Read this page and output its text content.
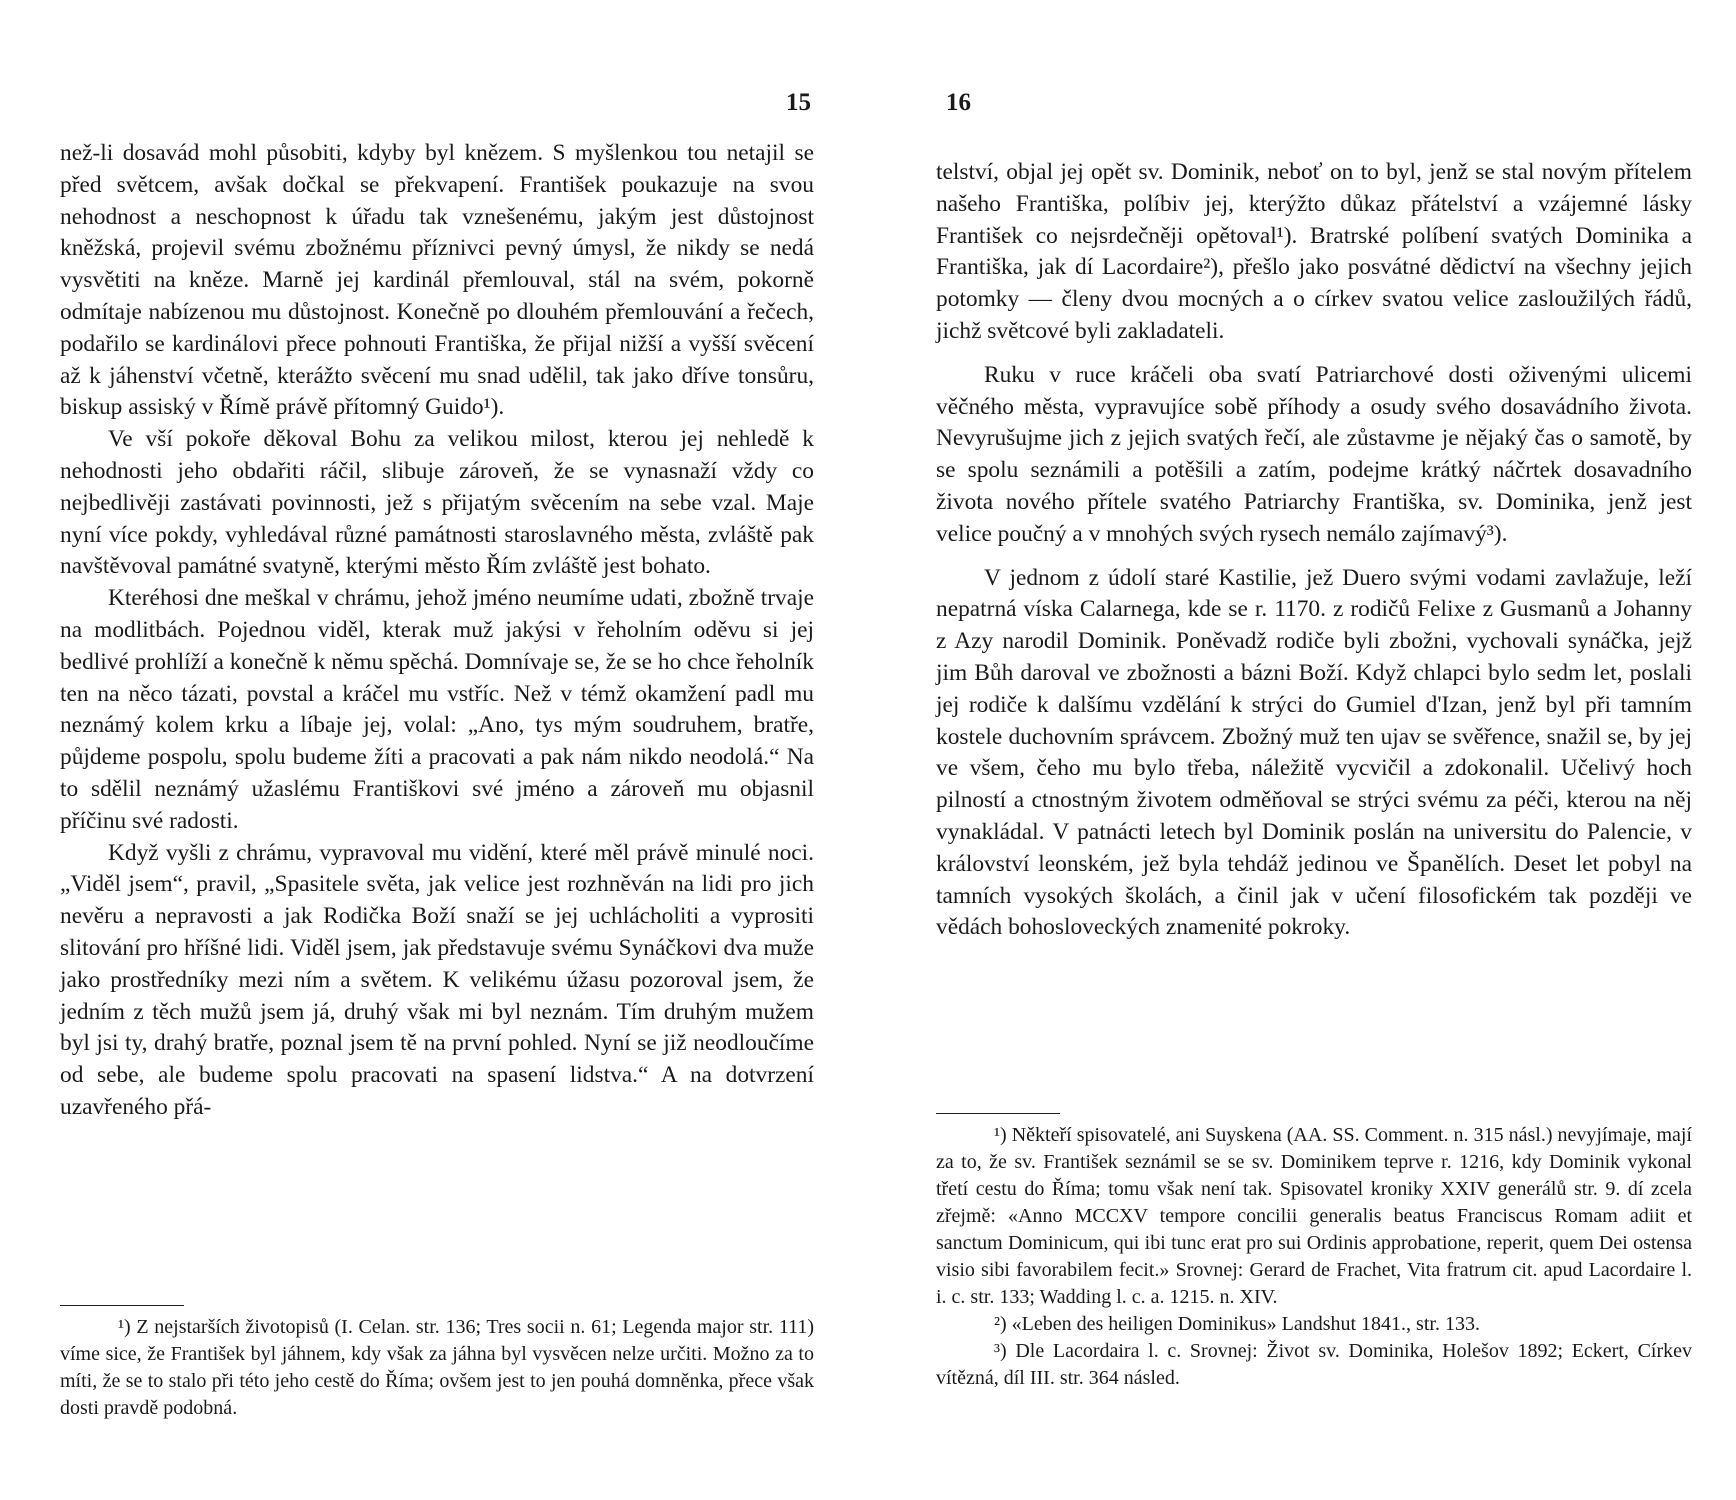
15

než-li dosavád mohl působiti, kdyby byl knězem. S myšlenkou tou netajil se před světcem, avšak dočkal se překvapení. František poukazuje na svou nehodnost a neschopnost k úřadu tak vznešenému, jakým jest důstojnost kněžská, projevil svému zbožnému příznivci pevný úmysl, že nikdy se nedá vysvětiti na kněze. Marně jej kardinál přemlouval, stál na svém, pokorně odmítaje nabízenou mu důstojnost. Konečně po dlouhém přemlouvání a řečech, podařilo se kardinálovi přece pohnouti Františka, že přijal nižší a vyšší svěcení až k jáhenství včetně, kterážto svěcení mu snad udělil, tak jako dříve tonsůru, biskup assiský v Římě právě přítomný Guido¹).

Ve vší pokoře děkoval Bohu za velikou milost, kterou jej nehledě k nehodnosti jeho obdařiti ráčil, slibuje zároveň, že se vynasnaží vždy co nejbedlivěji zastávati povinnosti, jež s přijatým svěcením na sebe vzal. Maje nyní více pokdy, vyhledával různé památnosti staroslavného města, zvláště pak navštěvoval památné svatyně, kterými město Řím zvláště jest bohato.

Kteréhosi dne meškal v chrámu, jehož jméno neumíme udati, zbožně trvaje na modlitbách. Pojednou viděl, kterak muž jakýsi v řeholním oděvu si jej bedlivé prohlíží a konečně k němu spěchá. Domnívaje se, že se ho chce řeholník ten na něco tázati, povstal a kráčel mu vstříc. Než v témž okamžení padl mu neznámý kolem krku a líbaje jej, volal: „Ano, tys mým soudruhem, bratře, půjdeme pospolu, spolu budeme žíti a pracovati a pak nám nikdo neodolá.“ Na to sdělil neznámý užaslému Františkovi své jméno a zároveň mu objasnil příčinu své radosti.

Když vyšli z chrámu, vypravoval mu vidění, které měl právě minulé noci. „Viděl jsem“, pravil, „Spasitele světa, jak velice jest rozhněván na lidi pro jich nevěru a nepravosti a jak Rodička Boží snaží se jej uchlácholiti a vyprositi slitování pro hříšné lidi. Viděl jsem, jak představuje svému Synáčkovi dva muže jako prostředníky mezi ním a světem. K velikému úžasu pozoroval jsem, že jedním z těch mužů jsem já, druhý však mi byl neznám. Tím druhým mužem byl jsi ty, drahý bratře, poznal jsem tě na první pohled. Nyní se již neodloučíme od sebe, ale budeme spolu pracovati na spasení lidstva.“ A na dotvrzení uzavřeného přá-

¹) Z nejstarších životopisů (I. Celan. str. 136; Tres socii n. 61; Legenda major str. 111) víme sice, že František byl jáhnem, kdy však za jáhna byl vysvěcen nelze určiti. Možno za to míti, že se to stalo při této jeho cestě do Říma; ovšem jest to jen pouhá domněnka, přece však dosti pravdě podobná.

16

telství, objal jej opět sv. Dominik, neboť on to byl, jenž se stal novým přítelem našeho Františka, políbiv jej, kterýžto důkaz přátelství a vzájemné lásky František co nejsrdečněji opětoval¹). Bratrské políbení svatých Dominika a Františka, jak dí Lacordaire²), přešlo jako posvátné dědictví na všechny jejich potomky — členy dvou mocných a o církev svatou velice zasloužilých řádů, jichž světcové byli zakladateli.

Ruku v ruce kráčeli oba svatí Patriarchové dosti oživenými ulicemi věčného města, vypravujíce sobě příhody a osudy svého dosavádního života. Nevyrušujme jich z jejich svatých řečí, ale zůstavme je nějaký čas o samotě, by se spolu seznámili a potěšili a zatím, podejme krátký náčrtek dosavadního života nového přítele svatého Patriarchy Františka, sv. Dominika, jenž jest velice poučný a v mnohých svých rysech nemálo zajímavý³).

V jednom z údolí staré Kastilie, jež Duero svými vodami zavlažuje, leží nepatrná víska Calarnega, kde se r. 1170. z rodičů Felixe z Gusmanů a Johanny z Azy narodil Dominik. Poněvadž rodiče byli zbožni, vychovali synáčka, jejž jim Bůh daroval ve zbožnosti a bázni Boží. Když chlapci bylo sedm let, poslali jej rodiče k dalšímu vzdělání k strýci do Gumiel d'Izan, jenž byl při tamním kostele duchovním správcem. Zbožný muž ten ujav se svěřence, snažil se, by jej ve všem, čeho mu bylo třeba, náležitě vycvičil a zdokonalil. Učelivý hoch pilností a ctnostným životem odměňoval se strýci svému za péči, kterou na něj vynakládal. V patnácti letech byl Dominik poslán na universitu do Palencie, v království leonském, jež byla tehdáž jedinou ve Španělích. Deset let pobyl na tamních vysokých školách, a činil jak v učení filosofickém tak později ve vědách bohosloveckých znamenité pokroky.

¹) Někteří spisovatelé, ani Suyskena (AA. SS. Comment. n. 315 násl.) nevyjímaje, mají za to, že sv. František seznámil se se sv. Dominikem teprve r. 1216, kdy Dominik vykonal třetí cestu do Říma; tomu však není tak. Spisovatel kroniky XXIV generálů str. 9. dí zcela zřejmě: «Anno MCCXV tempore concilii generalis beatus Franciscus Romam adiit et sanctum Dominicum, qui ibi tunc erat pro sui Ordinis approbatione, reperit, quem Dei ostensa visio sibi favorabilem fecit.» Srovnej: Gerard de Frachet, Vita fratrum cit. apud Lacordaire l. i. c. str. 133; Wadding l. c. a. 1215. n. XIV.

²) «Leben des heiligen Dominikus» Landshut 1841., str. 133.

³) Dle Lacordaira l. c. Srovnej: Život sv. Dominika, Holešov 1892; Eckert, Církev vítězná, díl III. str. 364 násled.
